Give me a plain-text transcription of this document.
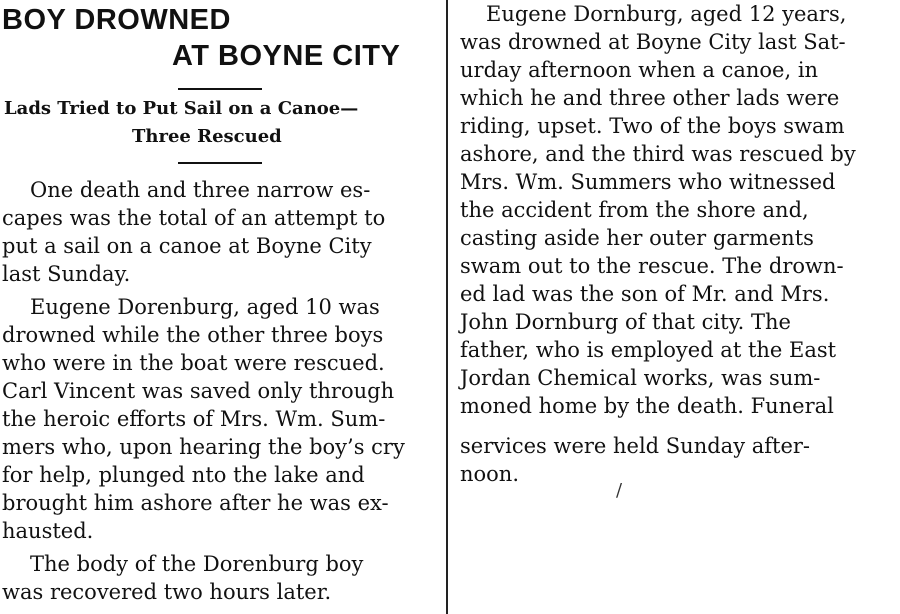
BOY DROWNED
AT BOYNE CITY
Lads Tried to Put Sail on a Canoe—
Three Rescued
One death and three narrow es-
capes was the total of an attempt to
put a sail on a canoe at Boyne City
last Sunday.
Eugene Dorenburg, aged 10 was
drowned while the other three boys
who were in the boat were rescued.
Carl Vincent was saved only through
the heroic efforts of Mrs. Wm. Sum-
mers who, upon hearing the boy’s cry
for help, plunged nto the lake and
brought him ashore after he was ex-
hausted.
The body of the Dorenburg boy
was recovered two hours later.
Eugene Dornburg, aged 12 years,
was drowned at Boyne City last Sat-
urday afternoon when a canoe, in
which he and three other lads were
riding, upset. Two of the boys swam
ashore, and the third was rescued by
Mrs. Wm. Summers who witnessed
the accident from the shore and,
casting aside her outer garments
swam out to the rescue. The drown-
ed lad was the son of Mr. and Mrs.
John Dornburg of that city. The
father, who is employed at the East
Jordan Chemical works, was sum-
moned home by the death. Funeral
services were held Sunday after-
noon.
/
